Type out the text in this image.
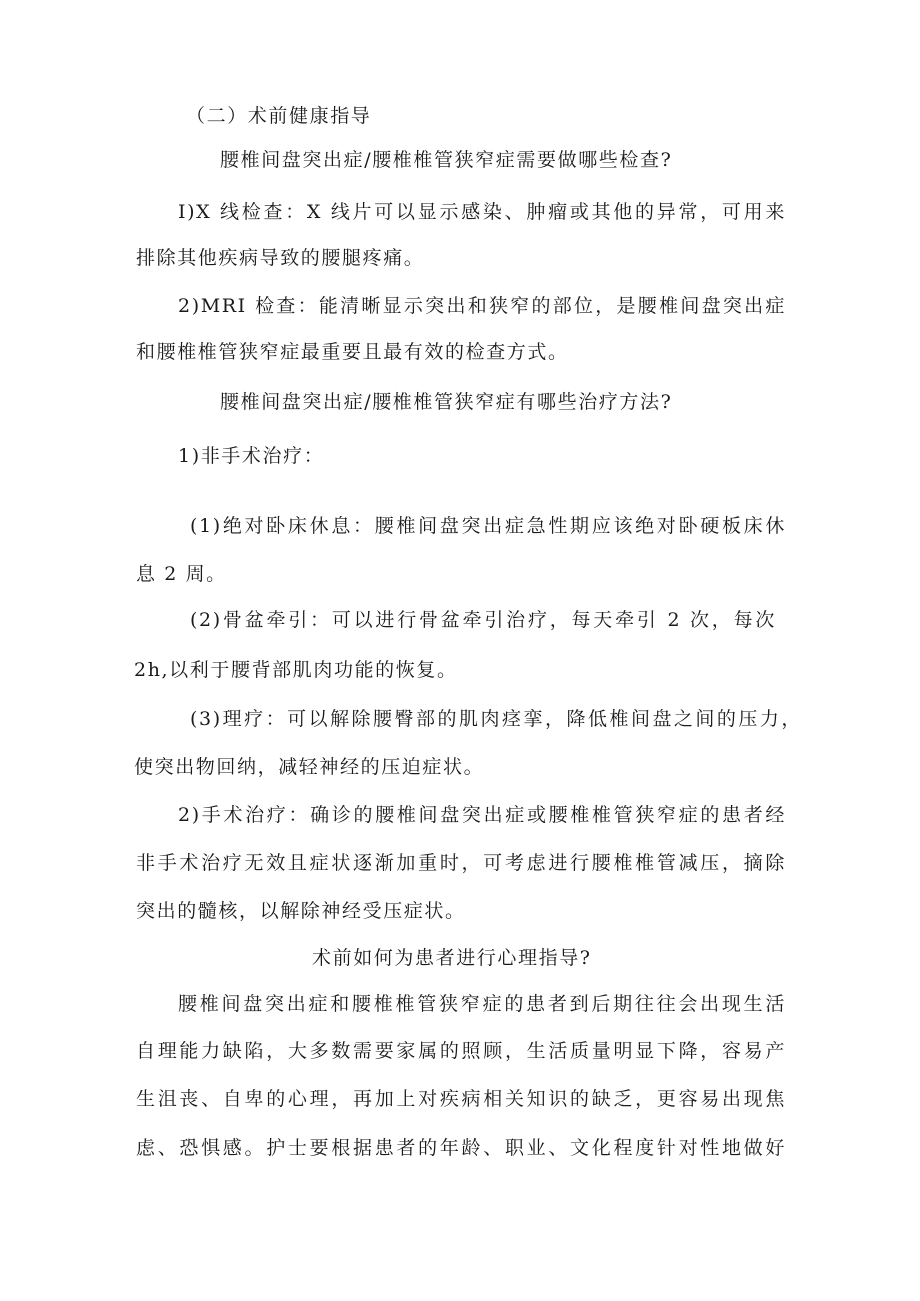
（二）术前健康指导
腰椎间盘突出症/腰椎椎管狭窄症需要做哪些检查?
I)X 线检查：X 线片可以显示感染、肿瘤或其他的异常，可用来
排除其他疾病导致的腰腿疼痛。
2)MRI 检查：能清晰显示突出和狭窄的部位，是腰椎间盘突出症
和腰椎椎管狭窄症最重要且最有效的检查方式。
腰椎间盘突出症/腰椎椎管狭窄症有哪些治疗方法?
1)非手术治疗：
(1)绝对卧床休息：腰椎间盘突出症急性期应该绝对卧硬板床休
息 2 周。
(2)骨盆牵引：可以进行骨盆牵引治疗，每天牵引 2 次，每次
2h,以利于腰背部肌肉功能的恢复。
(3)理疗：可以解除腰臀部的肌肉痉挛，降低椎间盘之间的压力，
使突出物回纳，减轻神经的压迫症状。
2)手术治疗：确诊的腰椎间盘突出症或腰椎椎管狭窄症的患者经
非手术治疗无效且症状逐渐加重时，可考虑进行腰椎椎管减压，摘除
突出的髓核，以解除神经受压症状。
术前如何为患者进行心理指导?
腰椎间盘突出症和腰椎椎管狭窄症的患者到后期往往会出现生活
自理能力缺陷，大多数需要家属的照顾，生活质量明显下降，容易产
生沮丧、自卑的心理，再加上对疾病相关知识的缺乏，更容易出现焦
虑、恐惧感。护士要根据患者的年龄、职业、文化程度针对性地做好
